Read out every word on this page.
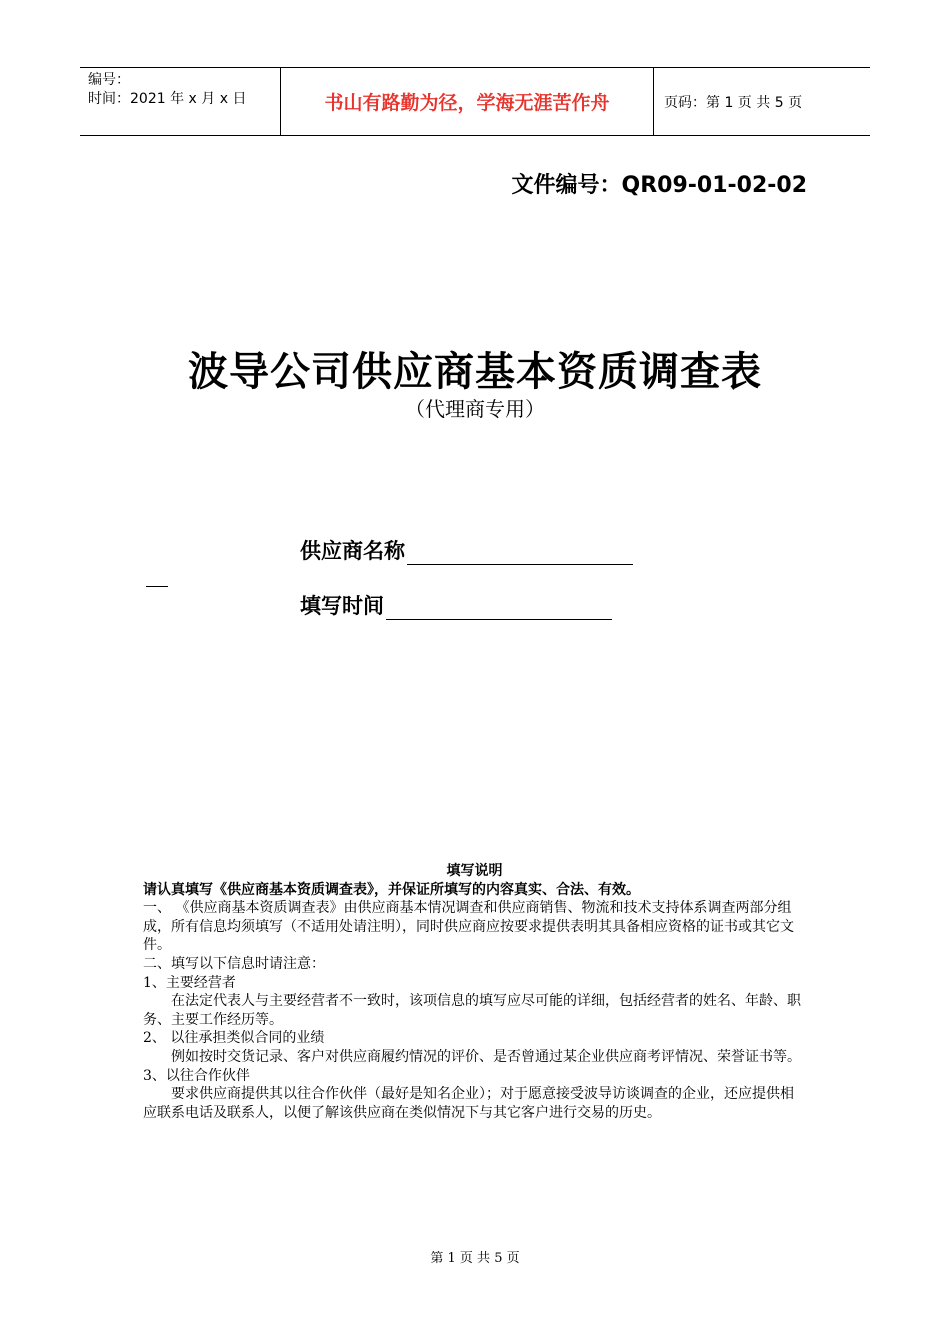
编号：
时间：2021 年 x 月 x 日	书山有路勤为径，学海无涯苦作舟	页码：第 1 页 共 5 页
文件编号：QR09-01-02-02
波导公司供应商基本资质调查表
（代理商专用）
供应商名称
填写时间

填写说明

请认真填写《供应商基本资质调查表》，并保证所填写的内容真实、合法、有效。

一、 《供应商基本资质调查表》由供应商基本情况调查和供应商销售、物流和技术支持体系调查两部分组成，所有信息均须填写（不适用处请注明），同时供应商应按要求提供表明其具备相应资格的证书或其它文件。

二、填写以下信息时请注意：

1、主要经营者

在法定代表人与主要经营者不一致时，该项信息的填写应尽可能的详细，包括经营者的姓名、年龄、职务、主要工作经历等。

2、 以往承担类似合同的业绩

例如按时交货记录、客户对供应商履约情况的评价、是否曾通过某企业供应商考评情况、荣誉证书等。

3、以往合作伙伴

要求供应商提供其以往合作伙伴（最好是知名企业）；对于愿意接受波导访谈调查的企业，还应提供相应联系电话及联系人，以便了解该供应商在类似情况下与其它客户进行交易的历史。

第 1 页 共 5 页
